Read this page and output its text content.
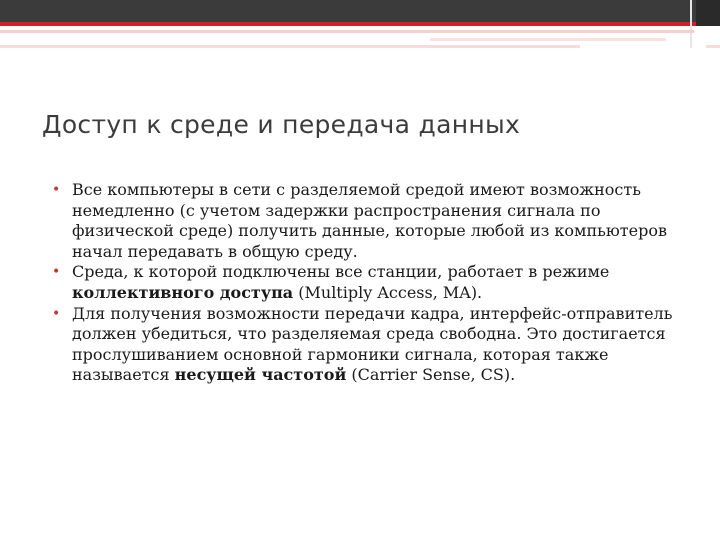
Доступ к среде и передача данных
• Все компьютеры в сети с разделяемой средой имеют возможность немедленно (с учетом задержки распространения сигнала по физической среде) получить данные, которые любой из компьютеров начал передавать в общую среду.
• Среда, к которой подключены все станции, работает в режиме коллективного доступа (Multiply Access, MA).
• Для получения возможности передачи кадра, интерфейс-отправитель должен убедиться, что разделяемая среда свободна. Это достигается прослушиванием основной гармоники сигнала, которая также называется несущей частотой (Carrier Sense, CS).
